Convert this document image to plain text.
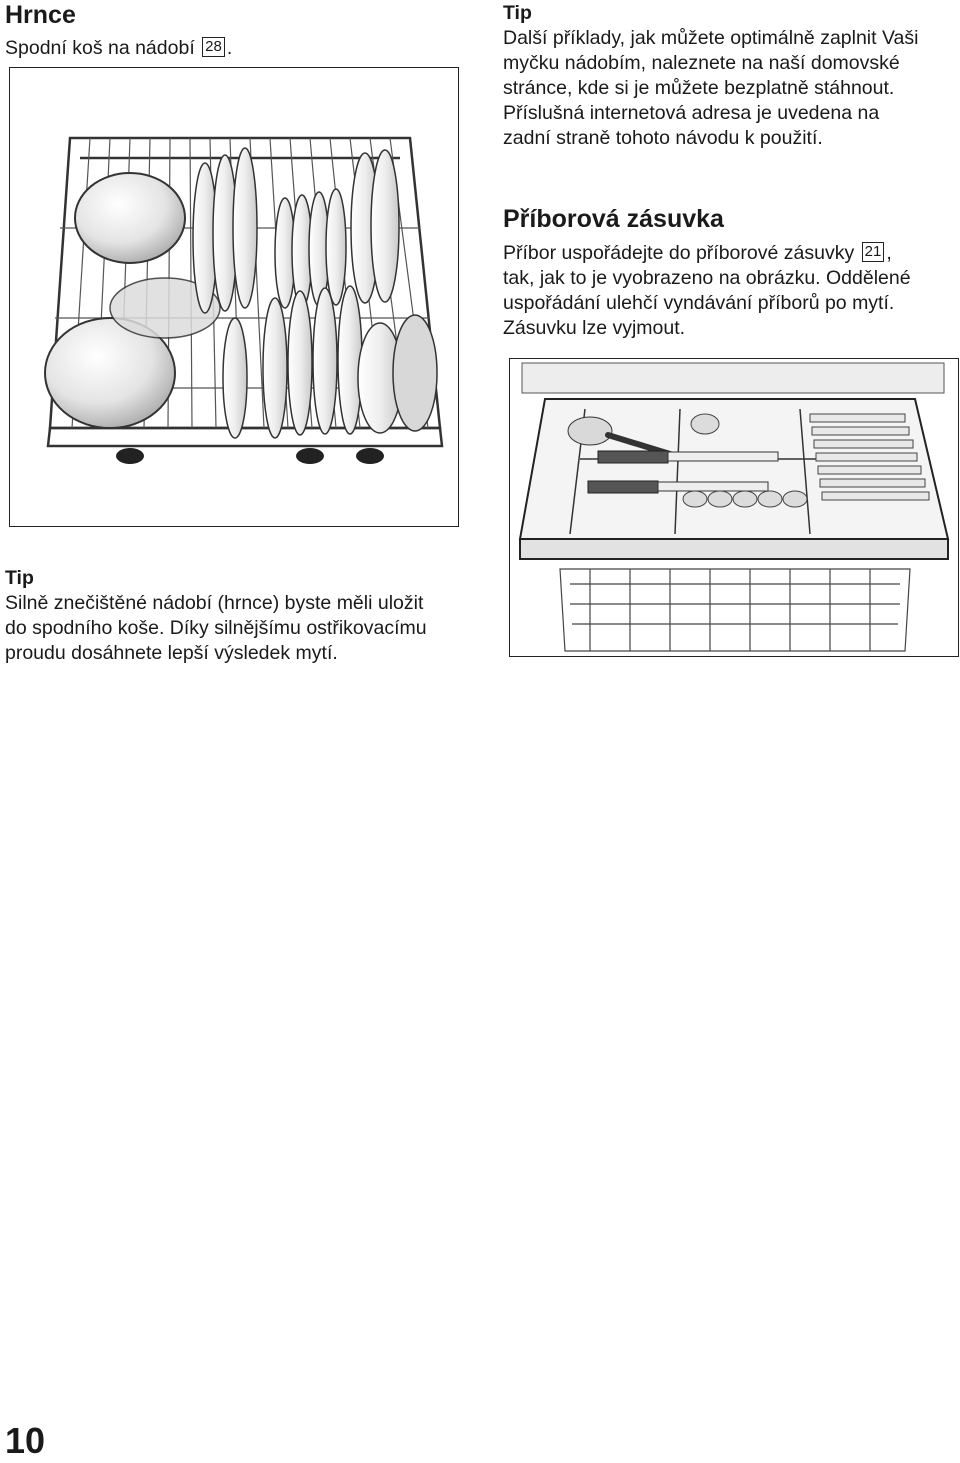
Hrnce
Spodní koš na nádobí 28 .
Tip
Silně znečištěné nádobí (hrnce) byste měli uložit
do spodního koše. Díky silnějšímu ostřikovacímu
proudu dosáhnete lepší výsledek mytí.
Tip
Další příklady, jak můžete optimálně zaplnit Vaši
myčku nádobím, naleznete na naší domovské
stránce, kde si je můžete bezplatně stáhnout.
Příslušná internetová adresa je uvedena na
zadní straně tohoto návodu k použití.
Příborová zásuvka
Příbor uspořádejte do příborové zásuvky 21 ,
tak, jak to je vyobrazeno na obrázku. Oddělené
uspořádání ulehčí vyndávání příborů po mytí.
Zásuvku lze vyjmout.
10
